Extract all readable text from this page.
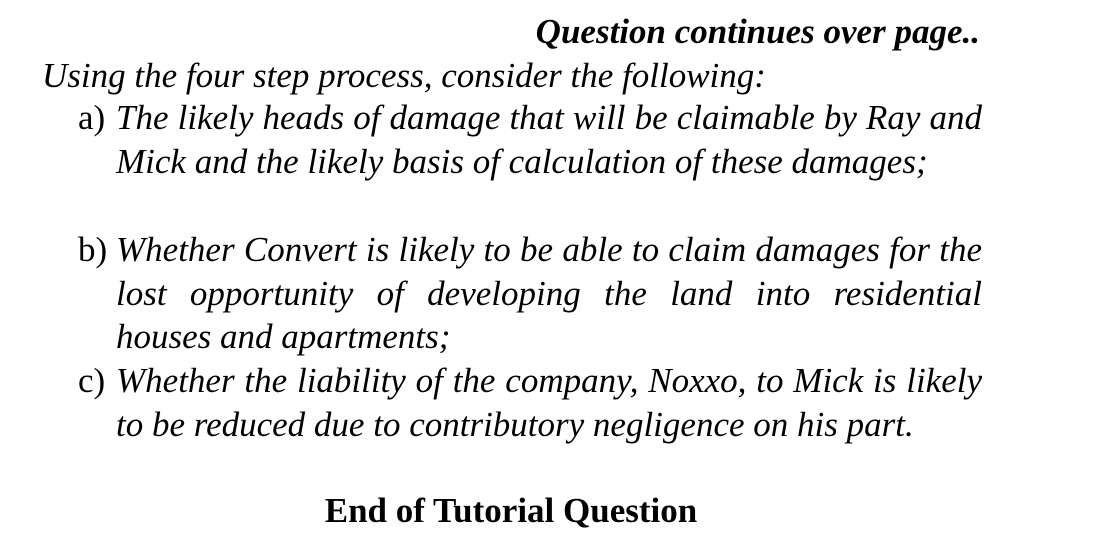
Question continues over page..
Using the four step process, consider the following:
a) The likely heads of damage that will be claimable by Ray and Mick and the likely basis of calculation of these damages;
b) Whether Convert is likely to be able to claim damages for the lost opportunity of developing the land into residential houses and apartments;
c) Whether the liability of the company, Noxxo, to Mick is likely to be reduced due to contributory negligence on his part.
End of Tutorial Question
